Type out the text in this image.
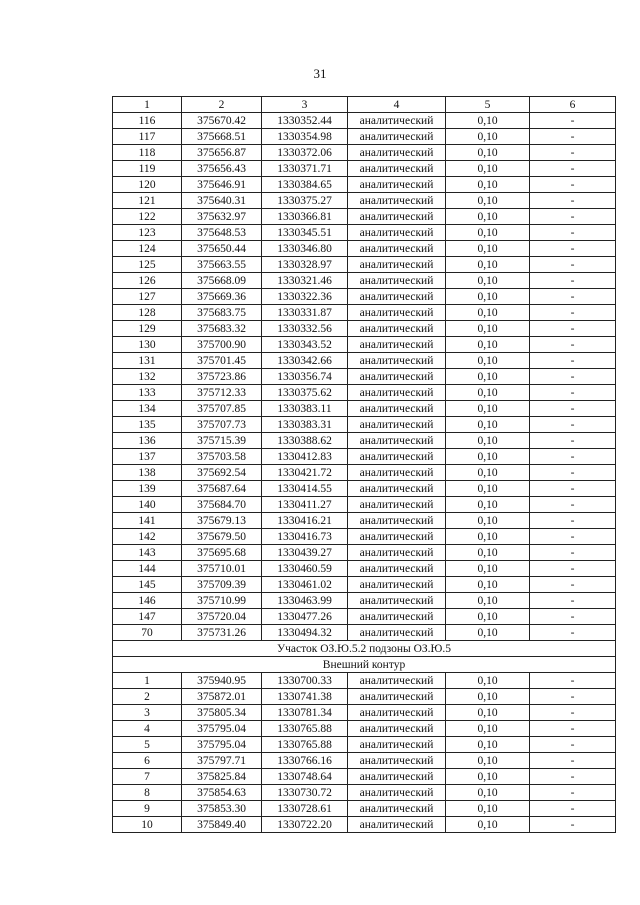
31
1	2	3	4	5	6
116	375670.42	1330352.44	аналитический	0,10	-
117	375668.51	1330354.98	аналитический	0,10	-
118	375656.87	1330372.06	аналитический	0,10	-
119	375656.43	1330371.71	аналитический	0,10	-
120	375646.91	1330384.65	аналитический	0,10	-
121	375640.31	1330375.27	аналитический	0,10	-
122	375632.97	1330366.81	аналитический	0,10	-
123	375648.53	1330345.51	аналитический	0,10	-
124	375650.44	1330346.80	аналитический	0,10	-
125	375663.55	1330328.97	аналитический	0,10	-
126	375668.09	1330321.46	аналитический	0,10	-
127	375669.36	1330322.36	аналитический	0,10	-
128	375683.75	1330331.87	аналитический	0,10	-
129	375683.32	1330332.56	аналитический	0,10	-
130	375700.90	1330343.52	аналитический	0,10	-
131	375701.45	1330342.66	аналитический	0,10	-
132	375723.86	1330356.74	аналитический	0,10	-
133	375712.33	1330375.62	аналитический	0,10	-
134	375707.85	1330383.11	аналитический	0,10	-
135	375707.73	1330383.31	аналитический	0,10	-
136	375715.39	1330388.62	аналитический	0,10	-
137	375703.58	1330412.83	аналитический	0,10	-
138	375692.54	1330421.72	аналитический	0,10	-
139	375687.64	1330414.55	аналитический	0,10	-
140	375684.70	1330411.27	аналитический	0,10	-
141	375679.13	1330416.21	аналитический	0,10	-
142	375679.50	1330416.73	аналитический	0,10	-
143	375695.68	1330439.27	аналитический	0,10	-
144	375710.01	1330460.59	аналитический	0,10	-
145	375709.39	1330461.02	аналитический	0,10	-
146	375710.99	1330463.99	аналитический	0,10	-
147	375720.04	1330477.26	аналитический	0,10	-
70	375731.26	1330494.32	аналитический	0,10	-
Участок ОЗ.Ю.5.2 подзоны ОЗ.Ю.5					
Внешний контур					
1	375940.95	1330700.33	аналитический	0,10	-
2	375872.01	1330741.38	аналитический	0,10	-
3	375805.34	1330781.34	аналитический	0,10	-
4	375795.04	1330765.88	аналитический	0,10	-
5	375795.04	1330765.88	аналитический	0,10	-
6	375797.71	1330766.16	аналитический	0,10	-
7	375825.84	1330748.64	аналитический	0,10	-
8	375854.63	1330730.72	аналитический	0,10	-
9	375853.30	1330728.61	аналитический	0,10	-
10	375849.40	1330722.20	аналитический	0,10	-
